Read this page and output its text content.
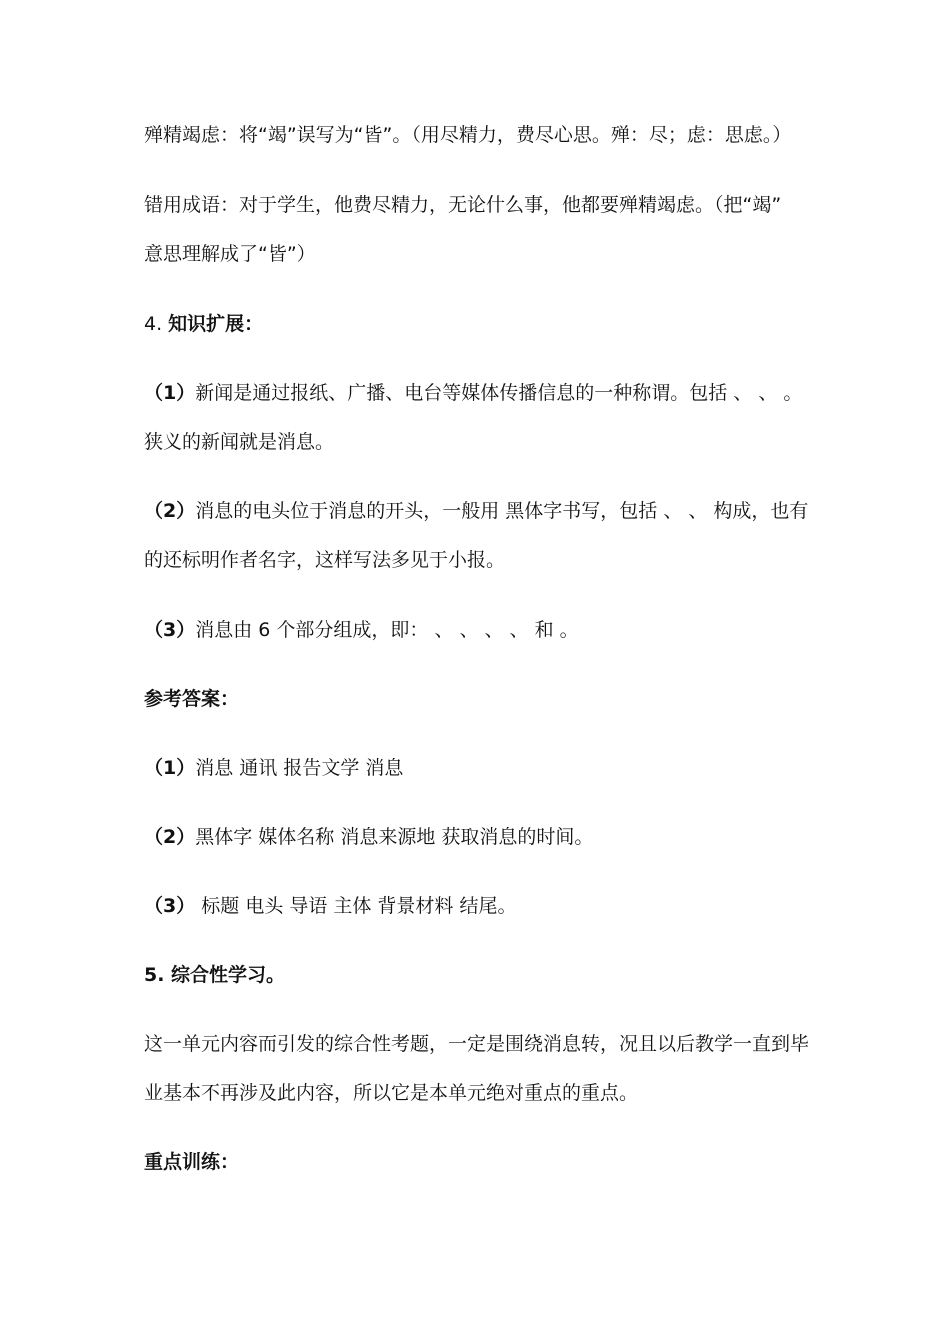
殚精竭虑：将“竭”误写为“皆”。（用尽精力，费尽心思。殚：尽；虑：思虑。）
错用成语：对于学生，他费尽精力，无论什么事，他都要殚精竭虑。（把“竭”
意思理解成了“皆”）
4. 知识扩展：
（1）新闻是通过报纸、广播、电台等媒体传播信息的一种称谓。包括 、 、 。
狭义的新闻就是消息。
（2）消息的电头位于消息的开头，一般用 黑体字书写，包括 、 、 构成，也有
的还标明作者名字，这样写法多见于小报。
（3）消息由 6 个部分组成，即： 、 、 、 、 和 。
参考答案：
（1）消息 通讯 报告文学 消息
（2）黑体字 媒体名称 消息来源地 获取消息的时间。
（3） 标题 电头 导语 主体 背景材料 结尾。
5. 综合性学习。
这一单元内容而引发的综合性考题，一定是围绕消息转，况且以后教学一直到毕
业基本不再涉及此内容，所以它是本单元绝对重点的重点。
重点训练：
